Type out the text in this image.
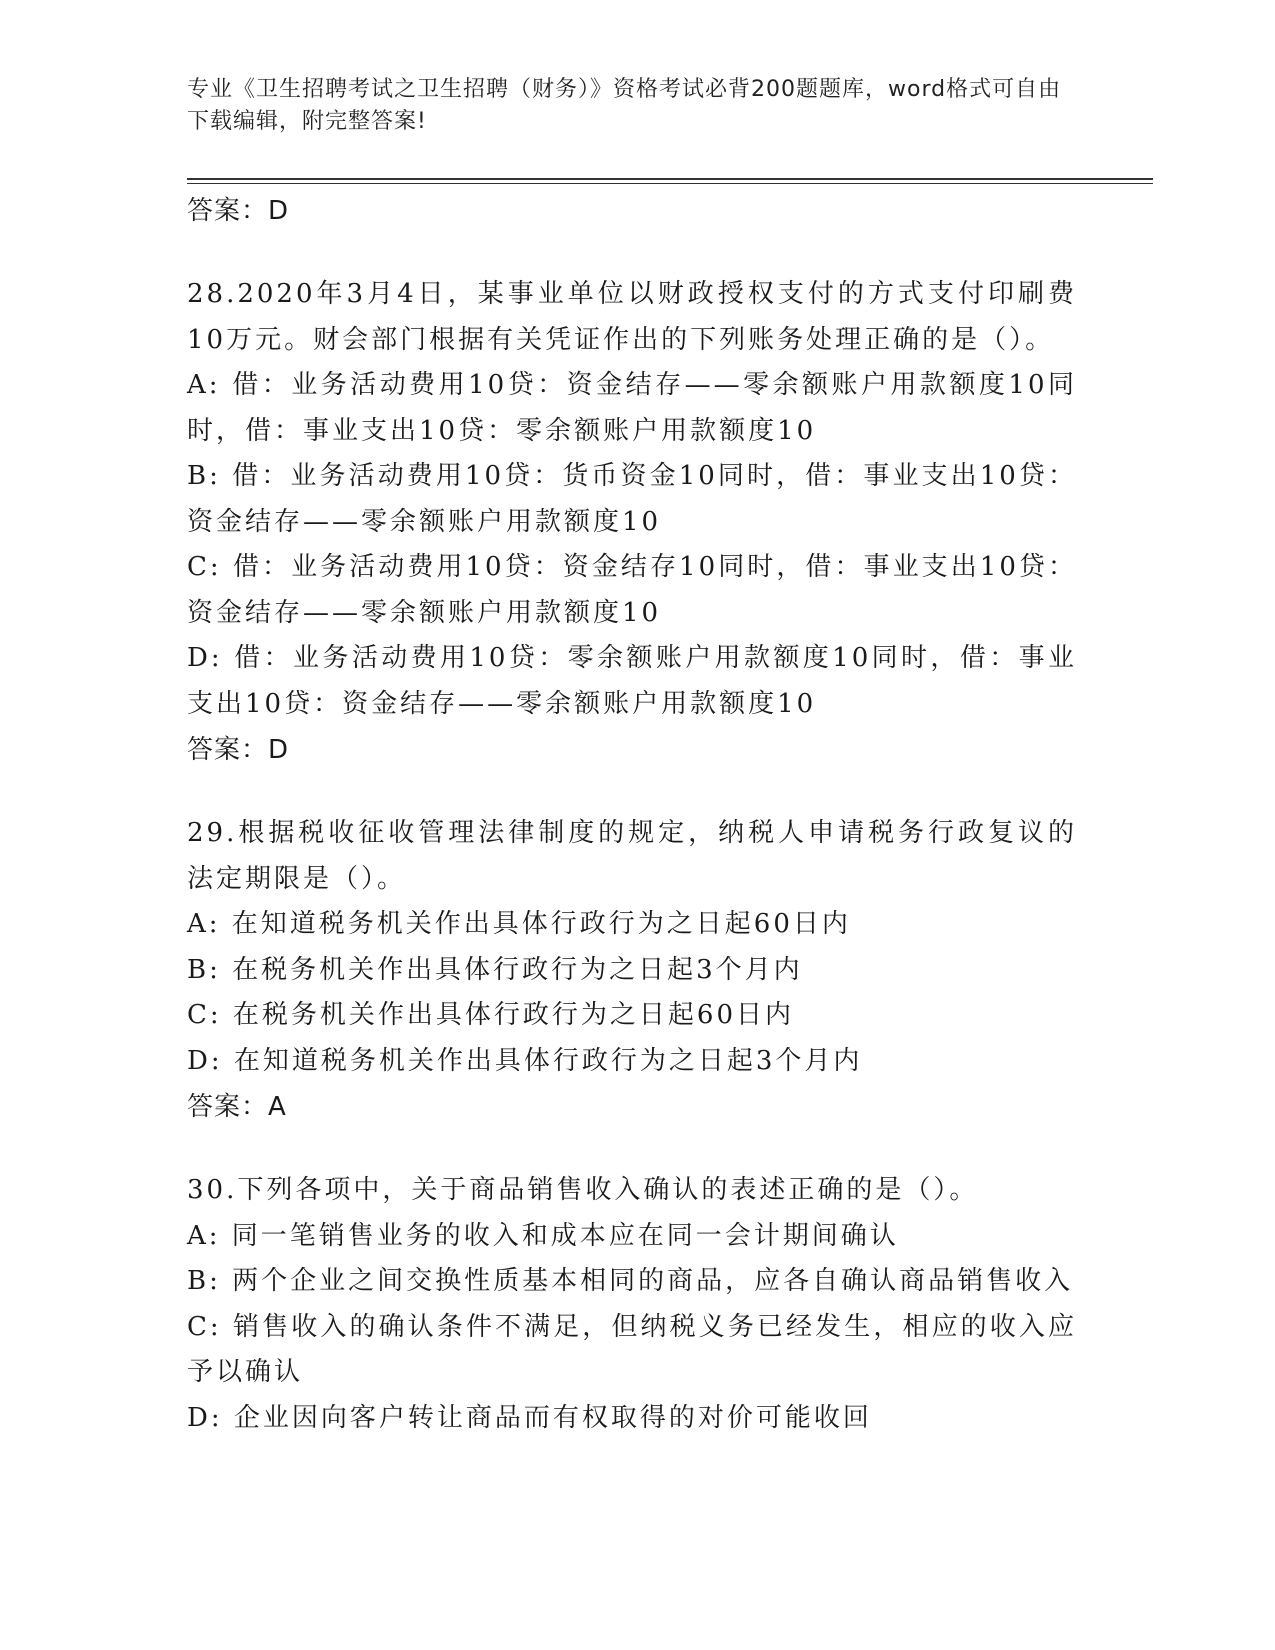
专业《卫生招聘考试之卫生招聘（财务）》资格考试必背200题题库，word格式可自由下载编辑，附完整答案!
答案：D
28.2020年3月4日，某事业单位以财政授权支付的方式支付印刷费10万元。财会部门根据有关凭证作出的下列账务处理正确的是（）。
A: 借：业务活动费用10贷：资金结存——零余额账户用款额度10同时，借：事业支出10贷：零余额账户用款额度10
B: 借：业务活动费用10贷：货币资金10同时，借：事业支出10贷：资金结存——零余额账户用款额度10
C: 借：业务活动费用10贷：资金结存10同时，借：事业支出10贷：资金结存——零余额账户用款额度10
D: 借：业务活动费用10贷：零余额账户用款额度10同时，借：事业支出10贷：资金结存——零余额账户用款额度10
答案：D
29.根据税收征收管理法律制度的规定，纳税人申请税务行政复议的法定期限是（）。
A: 在知道税务机关作出具体行政行为之日起60日内
B: 在税务机关作出具体行政行为之日起3个月内
C: 在税务机关作出具体行政行为之日起60日内
D: 在知道税务机关作出具体行政行为之日起3个月内
答案：A
30.下列各项中，关于商品销售收入确认的表述正确的是（）。
A: 同一笔销售业务的收入和成本应在同一会计期间确认
B: 两个企业之间交换性质基本相同的商品，应各自确认商品销售收入
C: 销售收入的确认条件不满足，但纳税义务已经发生，相应的收入应予以确认
D: 企业因向客户转让商品而有权取得的对价可能收回
